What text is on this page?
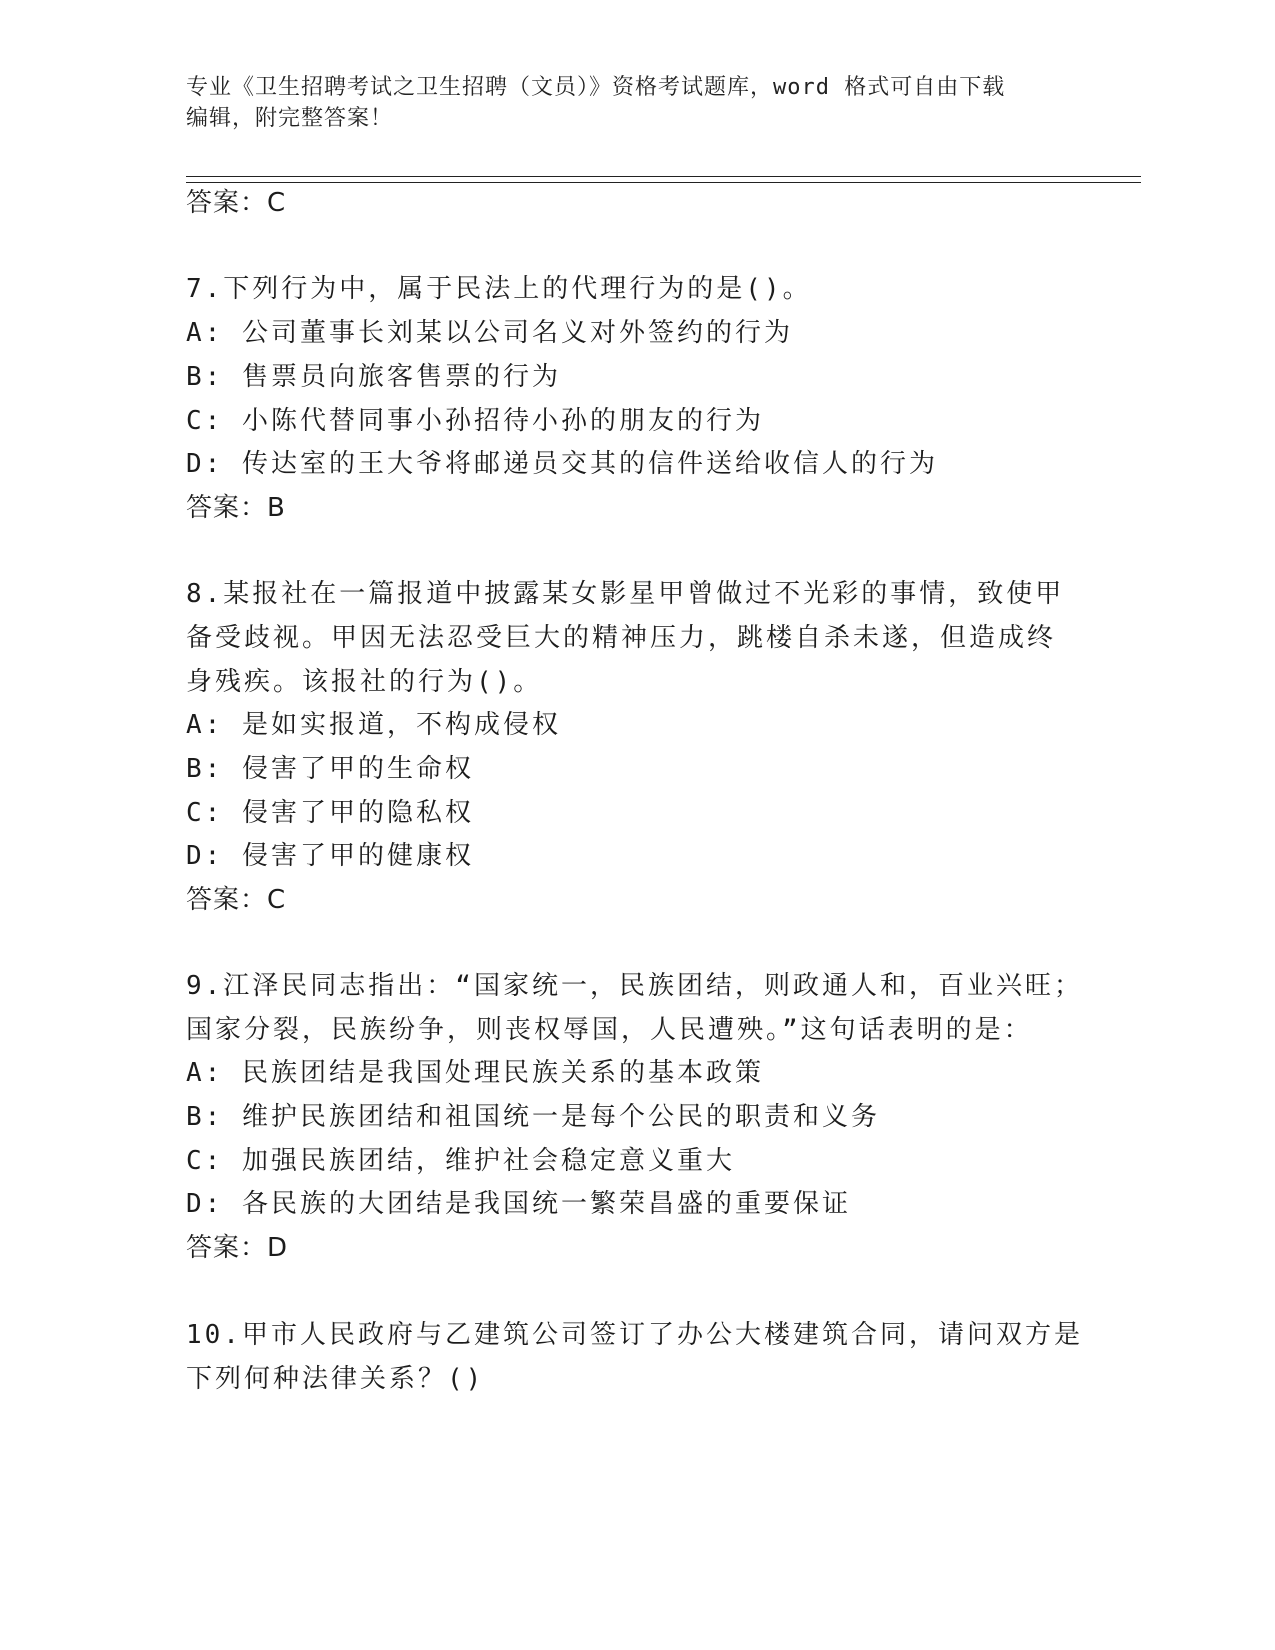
专业《卫生招聘考试之卫生招聘（文员）》资格考试题库，word 格式可自由下载
编辑，附完整答案！
答案：C
7.下列行为中，属于民法上的代理行为的是()。
A: 公司董事长刘某以公司名义对外签约的行为
B: 售票员向旅客售票的行为
C: 小陈代替同事小孙招待小孙的朋友的行为
D: 传达室的王大爷将邮递员交其的信件送给收信人的行为
答案：B
8.某报社在一篇报道中披露某女影星甲曾做过不光彩的事情，致使甲
备受歧视。甲因无法忍受巨大的精神压力，跳楼自杀未遂，但造成终
身残疾。该报社的行为()。
A: 是如实报道，不构成侵权
B: 侵害了甲的生命权
C: 侵害了甲的隐私权
D: 侵害了甲的健康权
答案：C
9.江泽民同志指出：“国家统一，民族团结，则政通人和，百业兴旺；
国家分裂，民族纷争，则丧权辱国，人民遭殃。”这句话表明的是：
A: 民族团结是我国处理民族关系的基本政策
B: 维护民族团结和祖国统一是每个公民的职责和义务
C: 加强民族团结，维护社会稳定意义重大
D: 各民族的大团结是我国统一繁荣昌盛的重要保证
答案：D
10.甲市人民政府与乙建筑公司签订了办公大楼建筑合同，请问双方是
下列何种法律关系？()
